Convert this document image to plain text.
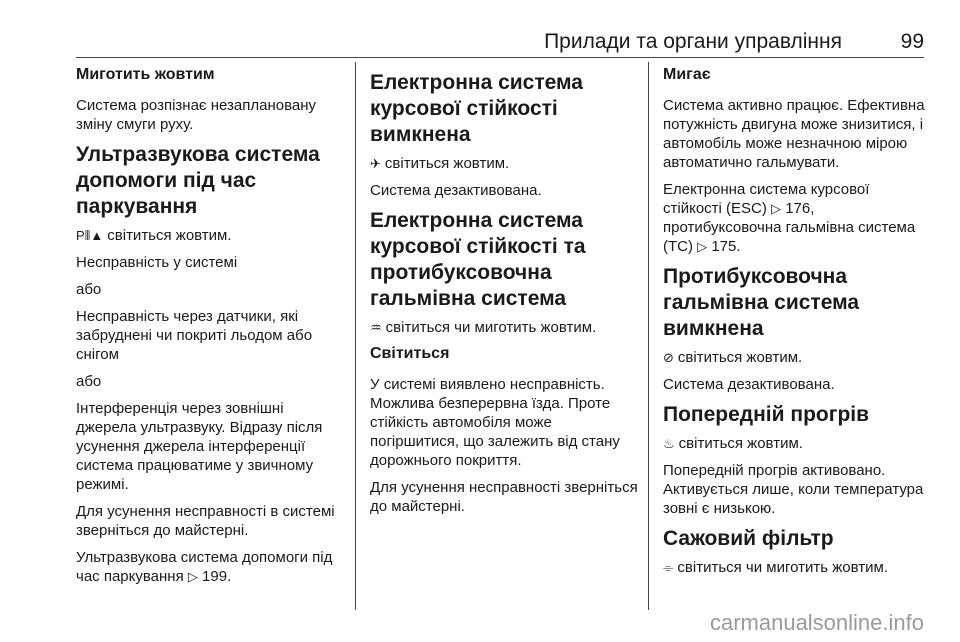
Прилади та органи управління	99
Миготить жовтим

Система розпізнає незаплановану зміну смуги руху.

Ультразвукова система допомоги під час паркування

P⦀▲ світиться жовтим.

Несправність у системі

або

Несправність через датчики, які забруднені чи покриті льодом або снігом

або

Інтерференція через зовнішні джерела ультразвуку. Відразу після усунення джерела інтерференції система працюватиме у звичному режимі.

Для усунення несправності в системі зверніться до майстерні.

Ультразвукова система допомоги під час паркування ▷ 199.

Електронна система курсової стійкості вимкнена

✈ світиться жовтим.

Система дезактивована.

Електронна система курсової стійкості та протибуксовочна гальмівна система

♒ світиться чи миготить жовтим.

Світиться

У системі виявлено несправність. Можлива безперервна їзда. Проте стійкість автомобіля може погіршитися, що залежить від стану дорожнього покриття.

Для усунення несправності зверніться до майстерні.

Мигає

Система активно працює. Ефективна потужність двигуна може знизитися, і автомобіль може незначною мірою автоматично гальмувати.

Електронна система курсової стійкості (ESC) ▷ 176,
протибуксовочна гальмівна система (TC) ▷ 175.

Протибуксовочна гальмівна система вимкнена

⊘ світиться жовтим.

Система дезактивована.

Попередній прогрів

♨ світиться жовтим.

Попередній прогрів активовано. Активується лише, коли температура зовні є низькою.

Сажовий фільтр

⌯ світиться чи миготить жовтим.

carmanualsonline.info
